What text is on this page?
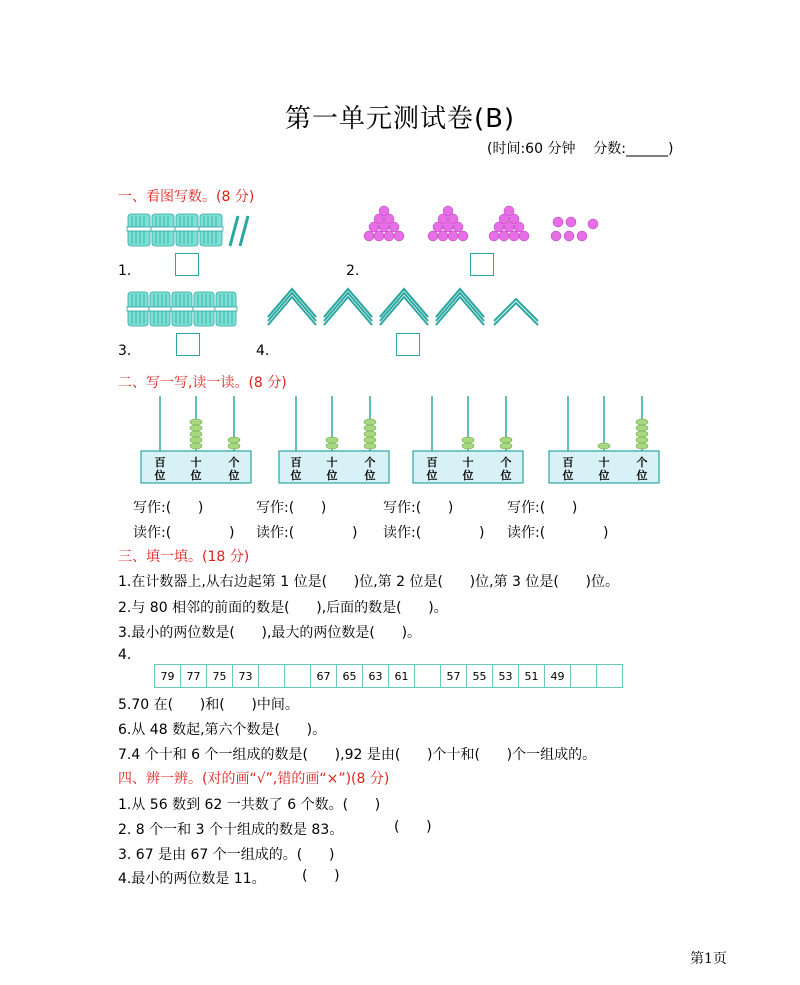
第一单元测试卷(B)
(时间:60 分钟    分数:______)
一、看图写数。(8 分)
1.	2.
3.	4.
二、写一写,读一读。(8 分)
百位
十位
个位
百位
十位
个位
百位
十位
个位
百位
十位
个位
写作:(      )	写作:(      )	写作:(      )	写作:(      )
读作:(             ) 读作:(             ) 读作:(             ) 读作:(             )
三、填一填。(18 分)
1.在计数器上,从右边起第 1 位是(      )位,第 2 位是(      )位,第 3 位是(      )位。
2.与 80 相邻的前面的数是(      ),后面的数是(      )。
3.最小的两位数是(      ),最大的两位数是(      )。
4.
79	77	75	73			67	65	63	61		57	55	53	51	49		
5.70 在(      )和(      )中间。
6.从 48 数起,第六个数是(      )。
7.4 个十和 6 个一组成的数是(      ),92 是由(      )个十和(      )个一组成的。
四、辨一辨。(对的画“√”,错的画“×”)(8 分)
1.从 56 数到 62 一共数了 6 个数。(      )
2. 8 个一和 3 个十组成的数是 83。	(      )
3. 67 是由 67 个一组成的。(      )
4.最小的两位数是 11。	(      )
第1页
